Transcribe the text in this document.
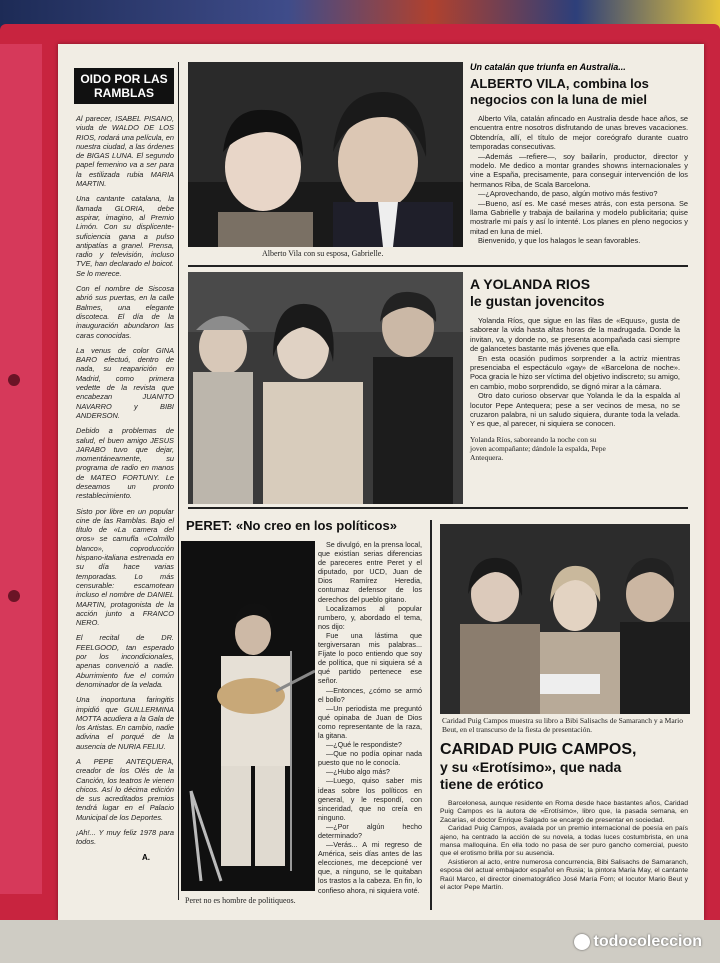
OIDO POR LAS RAMBLAS

Al parecer, ISABEL PISANO, viuda de WALDO DE LOS RIOS, rodará una película, en nuestra ciudad, a las órdenes de BIGAS LUNA. El segundo papel femenino va a ser para la estilizada rubia MARIA MARTIN.

Una cantante catalana, la llamada GLORIA, debe aspirar, imagino, al Premio Limón. Con su displicente-suficiencia gana a pulso antipatías a granel. Prensa, radio y televisión, incluso TVE, han declarado el boicot. Se lo merece.

Con el nombre de Siscosa abrió sus puertas, en la calle Balmes, una elegante discoteca. El día de la inauguración abundaron las caras conocidas.

La venus de color GINA BARO efectuó, dentro de nada, su reaparición en Madrid, como primera vedette de la revista que encabezan JUANITO NAVARRO y BIBI ANDERSON.

Debido a problemas de salud, el buen amigo JESUS JARABO tuvo que dejar, momentáneamente, su programa de radio en manos de MATEO FORTUNY. Le deseamos un pronto restablecimiento.

Sisto por libre en un popular cine de las Ramblas. Bajo el título de «La camera del oros» se camufla «Colmillo blanco», coproducción hispano-italiana estrenada en su día hace varias temporadas. Lo más censurable: escamotean incluso el nombre de DANIEL MARTIN, protagonista de la acción junto a FRANCO NERO.

El recital de DR. FEELGOOD, tan esperado por los incondicionales, apenas convenció a nadie. Aburrimiento fue el común denominador de la velada.

Una inoportuna faringitis impidió que GUILLERMINA MOTTA acudiera a la Gala de los Artistas. En cambio, nadie adivina el porqué de la ausencia de NURIA FELIU.

A PEPE ANTEQUERA, creador de los Olés de la Canción, los teatros le vienen chicos. Así lo décima edición de sus acreditados premios tendrá lugar en el Palacio Municipal de los Deportes.

¡Ah!... Y muy feliz 1978 para todos.

A.
Alberto Vila con su esposa, Gabrielle.
Un catalán que triunfa en Australia...
ALBERTO VILA, combina los
negocios con la luna de miel

Alberto Vila, catalán afincado en Australia desde hace años, se encuentra entre nosotros disfrutando de unas breves vacaciones. Obtendría, allí, el título de mejor coreógrafo durante cuatro temporadas consecutivas.

—Además —refiere—, soy bailarín, productor, director y modelo. Me dedico a montar grandes showns internacionales y vine a España, precisamente, para conseguir intervención de los hermanos Riba, de Scala Barcelona.

—¿Aprovechando, de paso, algún motivo más festivo?

—Bueno, así es. Me casé meses atrás, con esta persona. Se llama Gabrielle y trabaja de bailarina y modelo publicitaria; quise mostrarle mi país y así lo intenté. Los planes en pleno negocios y mitad en luna de miel.

Bienvenido, y que los halagos le sean favorables.

A YOLANDA RIOS
le gustan jovencitos

Yolanda Ríos, que sigue en las filas de «Equus», gusta de saborear la vida hasta altas horas de la madrugada. Donde la invitan, va, y donde no, se presenta acompañada casi siempre de galancetes bastante más jóvenes que ella.

En esta ocasión pudimos sorprender a la actriz mientras presenciaba el espectáculo «gay» de «Barcelona de noche». Poca gracia le hizo ser víctima del objetivo indiscreto; su amigo, en cambio, mobo sorprendido, se dignó mirar a la cámara.

Otro dato curioso observar que Yolanda le da la espalda al locutor Pepe Antequera; pese a ser vecinos de mesa, no se cruzaron palabra, ni un saludo siquiera, durante toda la velada. Y es que, al parecer, ni siquiera se conocen.

Yolanda Ríos, saboreando la noche con su joven acompañante; dándole la espalda, Pepe Antequera.
PERET: «No creo en los políticos»
Peret no es hombre de politiqueos.

Se divulgó, en la prensa local, que existían serias diferencias de pareceres entre Peret y el diputado, por UCD, Juan de Dios Ramírez Heredia, contumaz defensor de los derechos del pueblo gitano.

Localizamos al popular rumbero, y, abordado el tema, nos dijo:

Fue una lástima que tergiversaran mis palabras... Fíjate lo poco entiendo que soy de política, que ni siquiera sé a qué partido pertenece ese señor.

—Entonces, ¿cómo se armó el bollo?

—Un periodista me preguntó qué opinaba de Juan de Dios como representante de la raza, la gitana.

—¿Qué le respondiste?

—Que no podía opinar nada puesto que no le conocía.

—¿Hubo algo más?

—Luego, quiso saber mis ideas sobre los políticos en general, y le respondí, con sinceridad, que no creía en ninguno.

—¿Por algún hecho determinado?

—Verás... A mi regreso de América, seis días antes de las elecciones, me decepcioné ver que, a ninguno, se le quitaban los trastos a la cabeza. En fin, lo confieso ahora, ni siquiera voté.

Caridad Puig Campos muestra su libro a Bibi Salisachs de Samaranch y a Mario Beut, en el transcurso de la fiesta de presentación.
CARIDAD PUIG CAMPOS,
y su «Erotísimo», que nada
tiene de erótico

Barcelonesa, aunque residente en Roma desde hace bastantes años, Caridad Puig Campos es la autora de «Erotísimo», libro que, la pasada semana, en Zacarías, el doctor Enrique Salgado se encargó de presentar en sociedad.

Caridad Puig Campos, avalada por un premio internacional de poesía en país ajeno, ha centrado la acción de su novela, a todas luces costumbrista, en una mansa malloquina. En ella todo no pasa de ser puro gancho comercial, puesto que el erotismo brilla por su ausencia.

Asistieron al acto, entre numerosa concurrencia, Bibi Salisachs de Samaranch, esposa del actual embajador español en Rusia; la pintora María May, el cantante Raúl Marco, el director cinematográfico José María Forn; el locutor Mario Beut y el actor Pepe Martín.

todocoleccion
